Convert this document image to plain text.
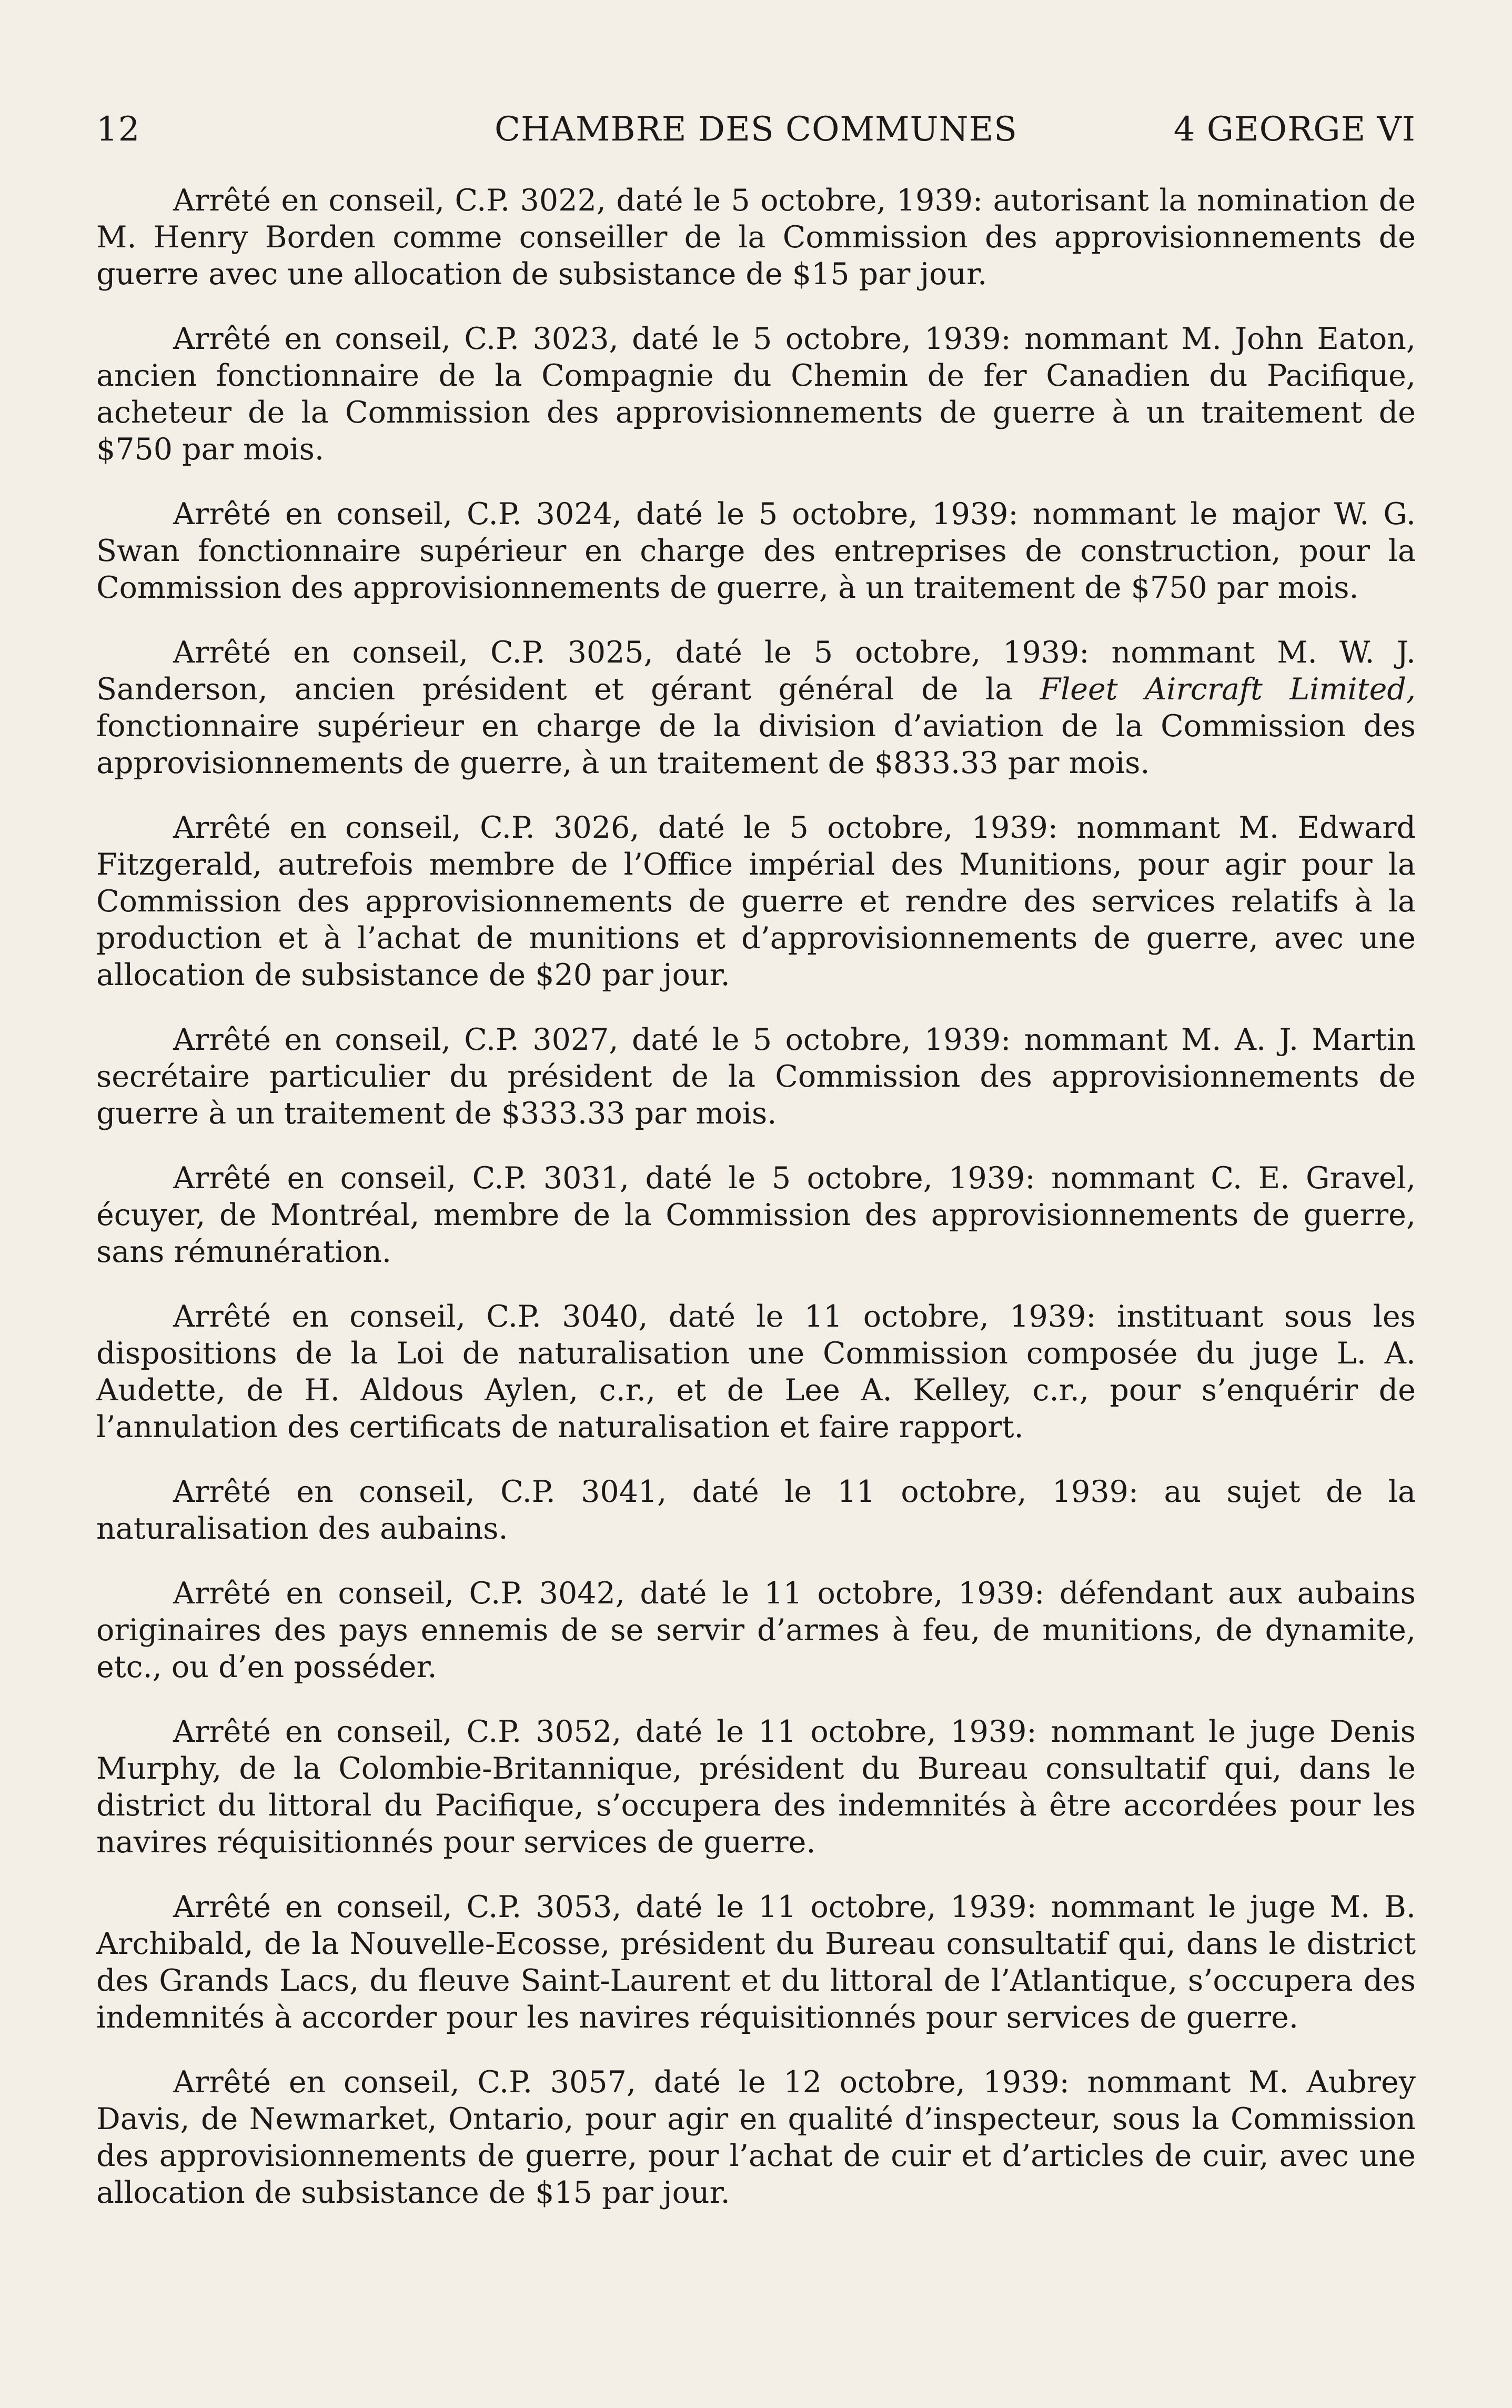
12	CHAMBRE DES COMMUNES	4 GEORGE VI

Arrêté en conseil, C.P. 3022, daté le 5 octobre, 1939: autorisant la nomination de M. Henry Borden comme conseiller de la Commission des approvisionnements de guerre avec une allocation de subsistance de $15 par jour.

Arrêté en conseil, C.P. 3023, daté le 5 octobre, 1939: nommant M. John Eaton, ancien fonctionnaire de la Compagnie du Chemin de fer Canadien du Pacifique, acheteur de la Commission des approvisionnements de guerre à un traitement de $750 par mois.

Arrêté en conseil, C.P. 3024, daté le 5 octobre, 1939: nommant le major W. G. Swan fonctionnaire supérieur en charge des entreprises de construction, pour la Commission des approvisionnements de guerre, à un traitement de $750 par mois.

Arrêté en conseil, C.P. 3025, daté le 5 octobre, 1939: nommant M. W. J. Sanderson, ancien président et gérant général de la Fleet Aircraft Limited, fonctionnaire supérieur en charge de la division d’aviation de la Commission des approvisionnements de guerre, à un traitement de $833.33 par mois.

Arrêté en conseil, C.P. 3026, daté le 5 octobre, 1939: nommant M. Edward Fitzgerald, autrefois membre de l’Office impérial des Munitions, pour agir pour la Commission des approvisionnements de guerre et rendre des services relatifs à la production et à l’achat de munitions et d’approvisionnements de guerre, avec une allocation de subsistance de $20 par jour.

Arrêté en conseil, C.P. 3027, daté le 5 octobre, 1939: nommant M. A. J. Martin secrétaire particulier du président de la Commission des approvisionnements de guerre à un traitement de $333.33 par mois.

Arrêté en conseil, C.P. 3031, daté le 5 octobre, 1939: nommant C. E. Gravel, écuyer, de Montréal, membre de la Commission des approvisionnements de guerre, sans rémunération.

Arrêté en conseil, C.P. 3040, daté le 11 octobre, 1939: instituant sous les dispositions de la Loi de naturalisation une Commission composée du juge L. A. Audette, de H. Aldous Aylen, c.r., et de Lee A. Kelley, c.r., pour s’enquérir de l’annulation des certificats de naturalisation et faire rapport.

Arrêté en conseil, C.P. 3041, daté le 11 octobre, 1939: au sujet de la naturalisation des aubains.

Arrêté en conseil, C.P. 3042, daté le 11 octobre, 1939: défendant aux aubains originaires des pays ennemis de se servir d’armes à feu, de munitions, de dynamite, etc., ou d’en posséder.

Arrêté en conseil, C.P. 3052, daté le 11 octobre, 1939: nommant le juge Denis Murphy, de la Colombie-Britannique, président du Bureau consultatif qui, dans le district du littoral du Pacifique, s’occupera des indemnités à être accordées pour les navires réquisitionnés pour services de guerre.

Arrêté en conseil, C.P. 3053, daté le 11 octobre, 1939: nommant le juge M. B. Archibald, de la Nouvelle-Ecosse, président du Bureau consultatif qui, dans le district des Grands Lacs, du fleuve Saint-Laurent et du littoral de l’Atlantique, s’occupera des indemnités à accorder pour les navires réquisitionnés pour services de guerre.

Arrêté en conseil, C.P. 3057, daté le 12 octobre, 1939: nommant M. Aubrey Davis, de Newmarket, Ontario, pour agir en qualité d’inspecteur, sous la Commission des approvisionnements de guerre, pour l’achat de cuir et d’articles de cuir, avec une allocation de subsistance de $15 par jour.
